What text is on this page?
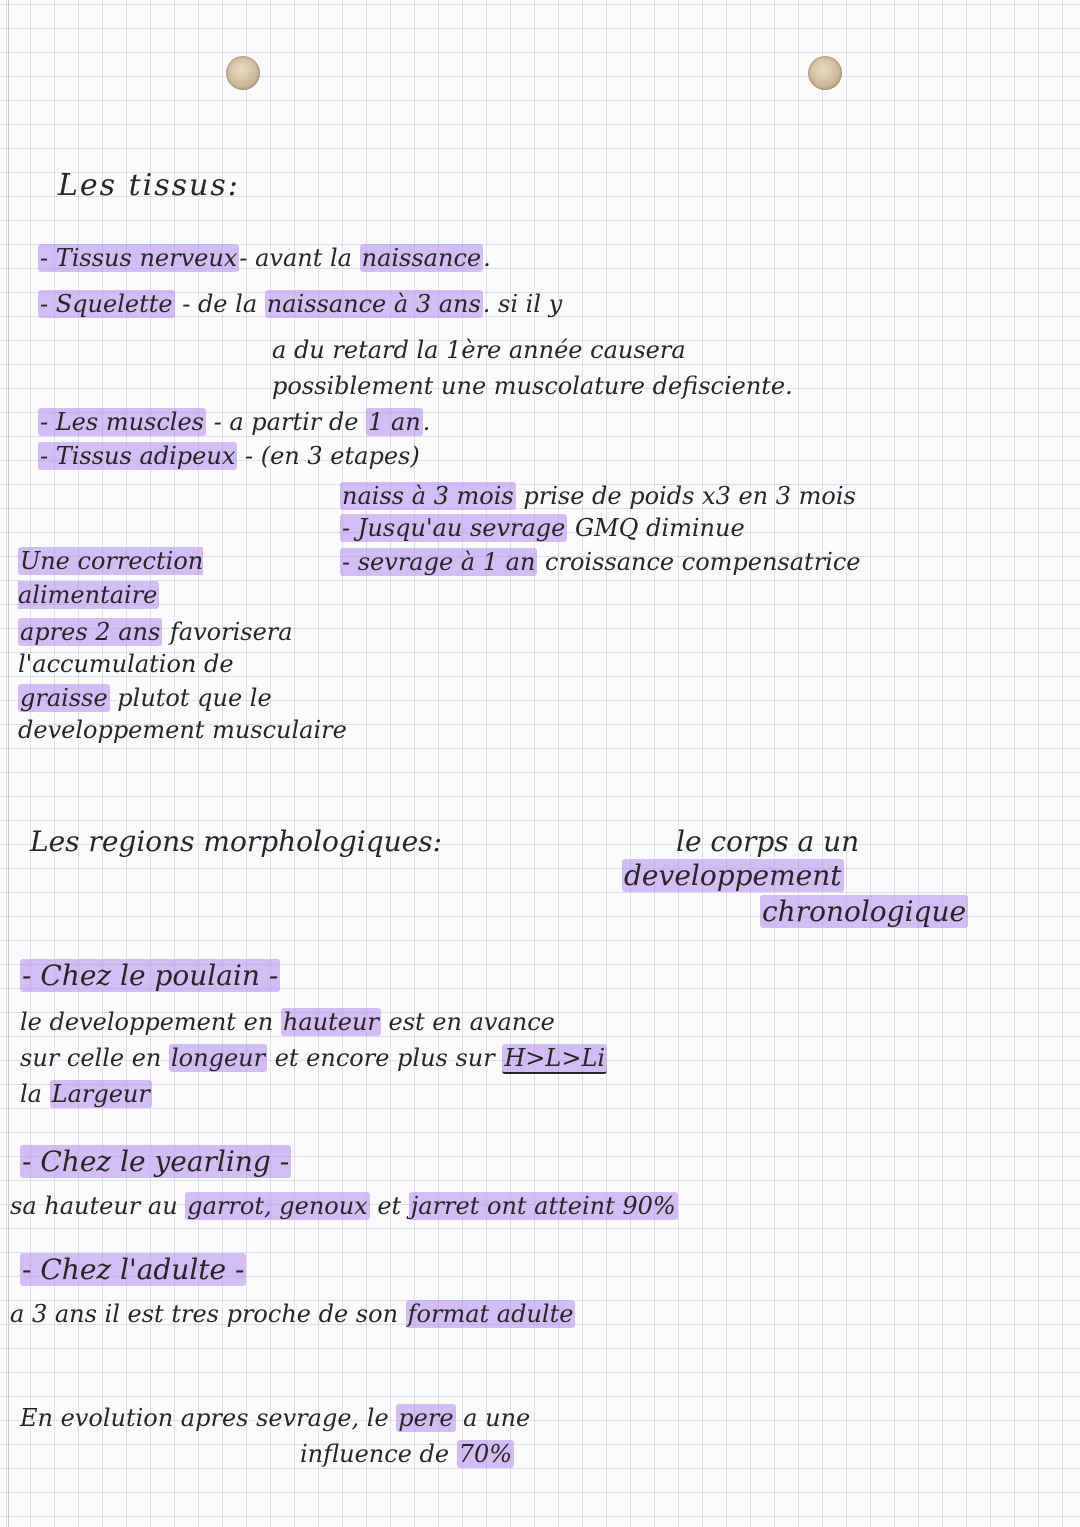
Les tissus:
- Tissus nerveux- avant la naissance.
- Squelette - de la naissance à 3 ans. si il y
a du retard la 1ère année causera
possiblement une muscolature defisciente.
- Les muscles - a partir de 1 an.
- Tissus adipeux - (en 3 etapes)
naiss à 3 mois prise de poids x3 en 3 mois
- Jusqu'au sevrage GMQ diminue
- sevrage à 1 an croissance compensatrice
Une correction alimentaire
apres 2 ans favorisera
l'accumulation de
graisse plutot que le
developpement musculaire
Les regions morphologiques:	le corps a un
developpement
chronologique
- Chez le poulain -
le developpement en hauteur est en avance
sur celle en longeur et encore plus sur H>L>Li
la Largeur
- Chez le yearling -
sa hauteur au garrot, genoux et jarret ont atteint 90%
- Chez l'adulte -
a 3 ans il est tres proche de son format adulte
En evolution apres sevrage, le pere a une
influence de 70%
